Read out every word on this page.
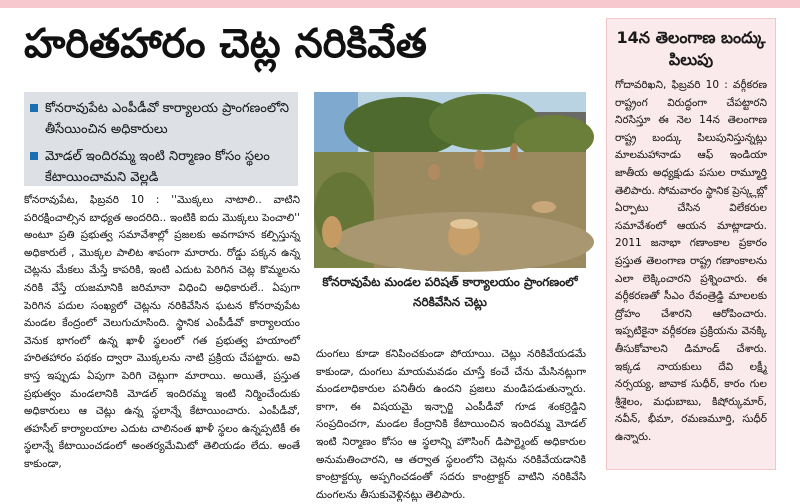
హరితహారం చెట్ల నరికివేత
కోనరావుపేట ఎంపీడీవో కార్యాలయ ప్రాంగణంలోని తీసేయించిన అధికారులు
మోడల్ ఇందిరమ్మ ఇంటి నిర్మాణం కోసం స్థలం కేటాయించామని వెల్లడి

కోనరావుపేట, ఫిబ్రవరి 10 : ''మొక్కలు నాటాలి.. వాటిని పరిరక్షించాల్సిన బాధ్యత అందరిది.. ఇంటికి ఐదు మొక్కలు పెంచాలి'' అంటూ ప్రతి ప్రభుత్వ సమావేశాల్లో ప్రజలకు అవగాహన కల్పిస్తున్న అధికారులే , మొక్కల పాలిట శాపంగా మారారు. రోడ్డు పక్కన ఉన్న చెట్లను మేకలు మేస్తే కాపరికి, ఇంటి ఎదుట పెరిగిన చెట్ల కొమ్మలను నరికి వేస్తే యజమానికి జరిమానా విధించి అధికారులే.. ఏపుగా పెరిగిన పదుల సంఖ్యలో చెట్లను నరికివేసిన ఘటన కోనరావుపేట మండల కేంద్రంలో వెలుగుచూసింది. స్థానిక ఎంపీడీవో కార్యాలయం వెనుక భాగంలో ఉన్న ఖాళీ స్థలంలో గత ప్రభుత్వ హయాంలో హరితహారం పథకం ద్వారా మొక్కలను నాటి ప్రక్రియ చేపట్టారు. అవి కాస్త ఇప్పుడు ఏపుగా పెరిగి చెట్లుగా మారాయి. అయితే, ప్రస్తుత ప్రభుత్వం మండలానికి మోడల్ ఇందిరమ్మ ఇంటి నిర్మించేందుకు అధికారులు ఆ చెట్లు ఉన్న స్థలాన్నే కేటాయించారు. ఎంపీడీవో, తహసీల్ కార్యాలయాల ఎదుట చాలినంత ఖాళీ స్థలం ఉన్నప్పటికీ ఈ స్థలాన్నే కేటాయించడంలో అంతర్యమేమిటో తెలియడం లేదు. అంతే కాకుండా,

కోనరావుపేట మండల పరిషత్ కార్యాలయం ప్రాంగణంలో నరికివేసిన చెట్లు

దుంగలు కూడా కనిపించకుండా పోయాయి. చెట్లు నరికివేయడమే కాకుండా, దుంగలు మాయమవడం చూస్తే కంచే చేను మేసినట్లుగా మండలాధికారుల పనితీరు ఉందని ప్రజలు మండిపడుతున్నారు. కాగా, ఈ విషయమై ఇన్చార్జి ఎంపీడీవో గూడ శంకర్రెడ్డిని సంప్రదించగా, మండల కేంద్రానికి కేటాయించిన ఇందిరమ్మ మోడల్ ఇంటి నిర్మాణం కోసం ఆ స్థలాన్ని హౌసింగ్ డిపార్ట్మెంట్ అధికారుల అనుమతించారని, ఆ తర్వాత స్థలంలోని చెట్లను నరికివేయడానికి కాంట్రాక్టర్కు అప్పగించడంతో సదరు కాంట్రాక్టర్ వాటిని నరికివేసి దుంగలను తీసుకువెళ్లినట్లు తెలిపారు.

14న తెలంగాణ బంద్కు పిలుపు
గోదావరిఖని, ఫిబ్రవరి 10 : వర్గీకరణ రాష్ట్రంగ విరుద్ధంగా చేపట్టారని నిరసిస్తూ ఈ నెల 14న తెలంగాణ రాష్ట్ర బంద్కు పిలుపునిస్తున్నట్లు మాలమహానాడు ఆఫ్ ఇండియా జాతీయ అధ్యక్షుడు పసుల రామ్మూర్తి తెలిపారు. సోమవారం స్థానిక ప్రెస్క్లబ్లో ఏర్పాటు చేసిన విలేకరుల సమావేశంలో ఆయన మాట్లాడారు. 2011 జనాభా గణాంకాల ప్రకారం ప్రస్తుత తెలంగాణ రాష్ట్ర గణాంకాలను ఎలా లెక్కించారని ప్రశ్నించారు. ఈ వర్గీకరణతో సీఎం రేవంత్రెడ్డి మాలలకు ద్రోహం చేశారని ఆరోపించారు. ఇప్పటికైనా వర్గీకరణ ప్రక్రియను వెనక్కి తీసుకోవాలని డిమాండ్ చేశారు. ఇక్కడ నాయకులు దేవి లక్ష్మీ నర్సయ్య, జావాక సుధీర్, కారం గుల శ్రీశైలం, మధుబాబు, కిషోర్కుమార్, నవీన్, భీమా, రమణమూర్తి, సుధీర్ ఉన్నారు.
